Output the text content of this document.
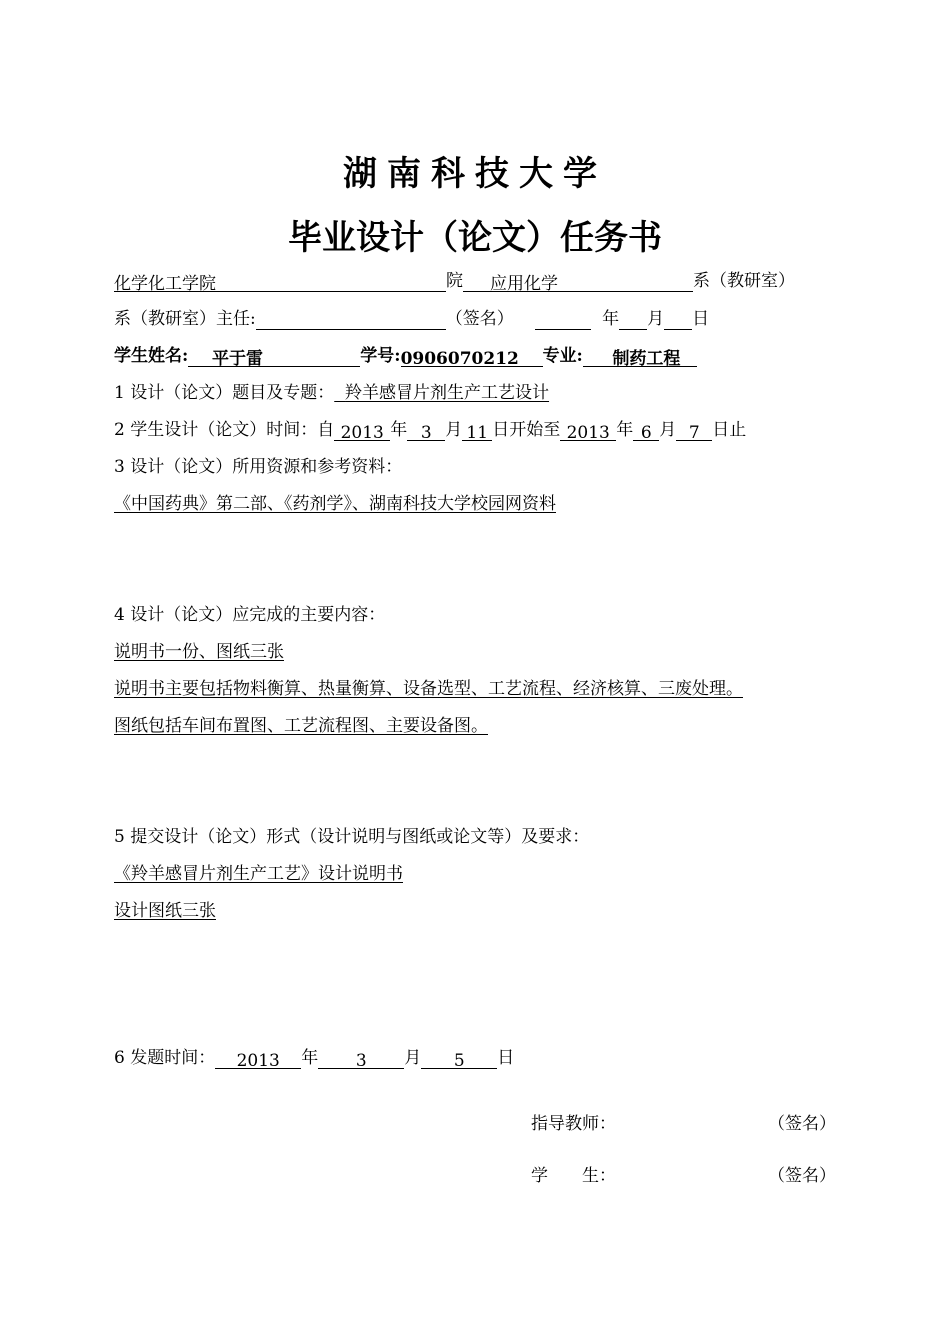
湖南科技大学
毕业设计（论文）任务书
化学化工学院	院 应用化学	系（教研室）
系（教研室）主任:	（签名）	年 月 日
学生姓名: 平于雷	学号:0906070212 专业: 制药工程
1 设计（论文）题目及专题： 羚羊感冒片剂生产工艺设计
2 学生设计（论文）时间：自 2013 年 3 月 11 日开始至 2013 年 6 月 7 日止
3 设计（论文）所用资源和参考资料：
《中国药典》第二部、《药剂学》、湖南科技大学校园网资料
4 设计（论文）应完成的主要内容：
说明书一份、图纸三张
说明书主要包括物料衡算、热量衡算、设备选型、工艺流程、经济核算、三废处理。
图纸包括车间布置图、工艺流程图、主要设备图。
5 提交设计（论文）形式（设计说明与图纸或论文等）及要求：
《羚羊感冒片剂生产工艺》设计说明书
设计图纸三张
6 发题时间： 2013 年 3 月 5 日
指导教师：	（签名）
学　　生：	（签名）
